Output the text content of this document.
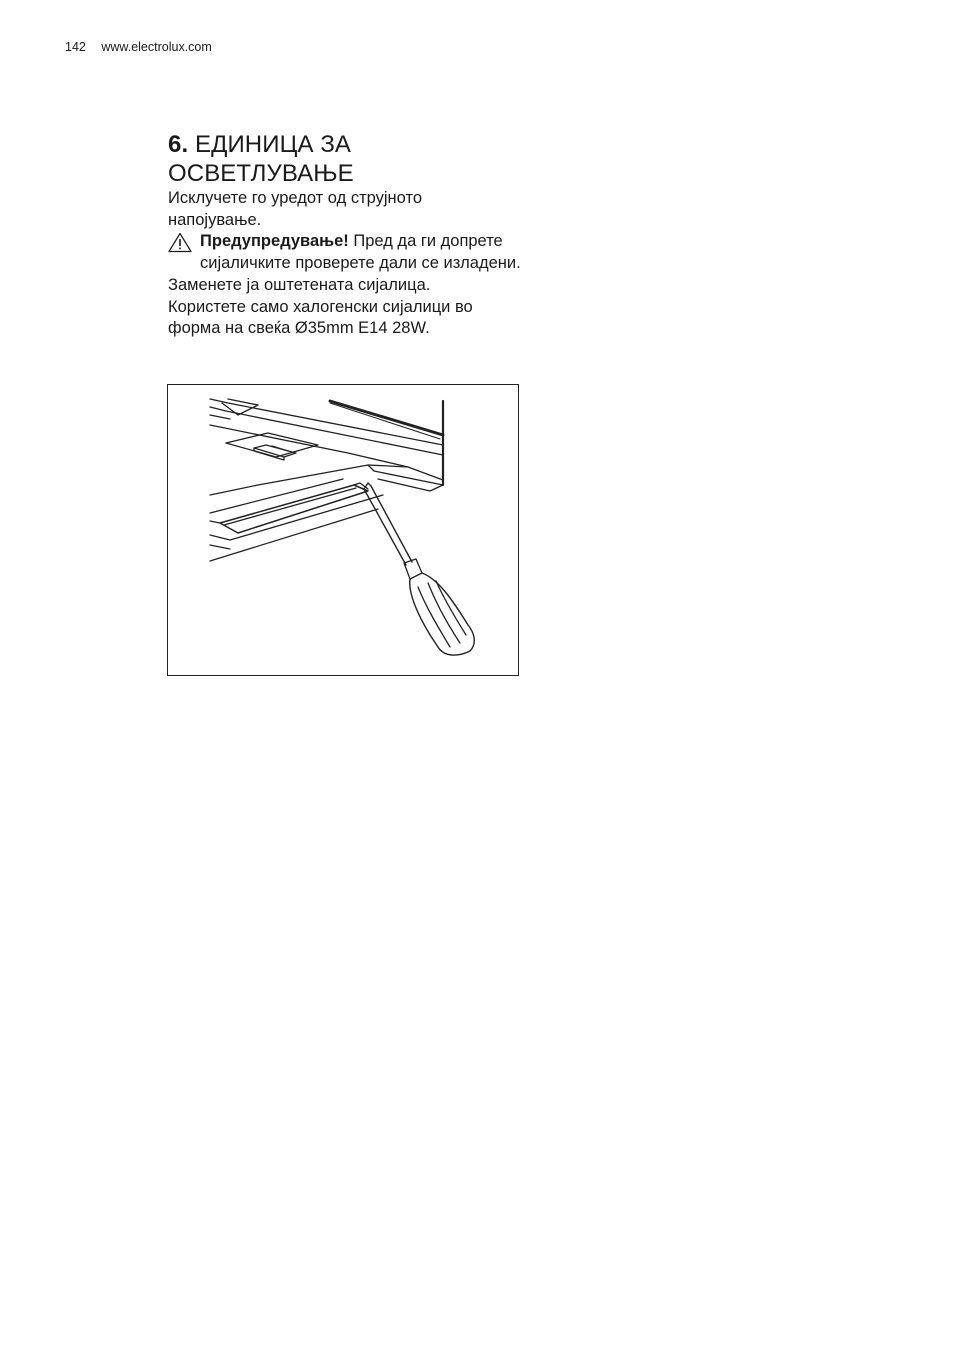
142 www.electrolux.com
6. ЕДИНИЦА ЗА
ОСВЕТЛУВАЊЕ

Исклучете го уредот од струјното напојување.

Предупредување! Пред да ги допрете сијаличките проверете дали се изладени.

Заменете ја оштетената сијалица.

Користете само халогенски сијалици во форма на свеќа Ø35mm E14 28W.
